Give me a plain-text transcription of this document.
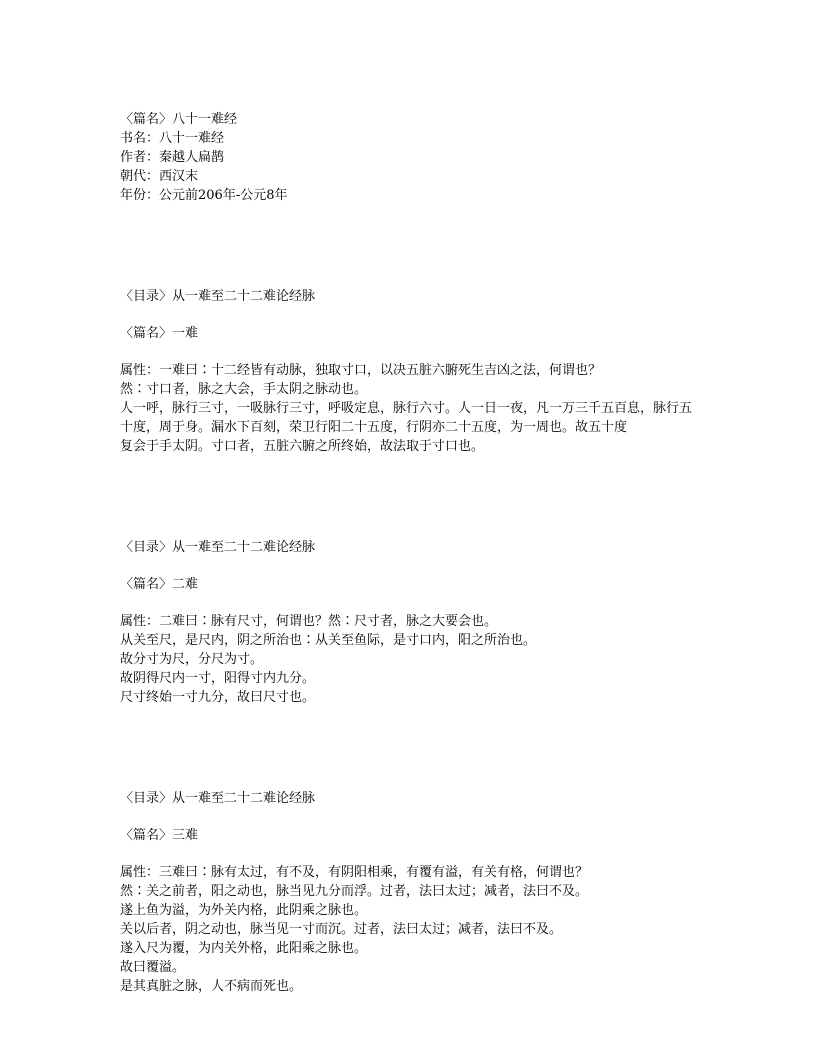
〈篇名〉八十一难经
书名：八十一难经
作者：秦越人扁鹊
朝代：西汉末
年份：公元前206年-公元8年
〈目录〉从一难至二十二难论经脉
〈篇名〉一难
属性：一难曰∶十二经皆有动脉，独取寸口，以决五脏六腑死生吉凶之法，何谓也？
然∶寸口者，脉之大会，手太阴之脉动也。
人一呼，脉行三寸，一吸脉行三寸，呼吸定息，脉行六寸。人一日一夜，凡一万三千五百息，脉行五十度，周于身。漏水下百刻，荣卫行阳二十五度，行阴亦二十五度，为一周也。故五十度
复会于手太阴。寸口者，五脏六腑之所终始，故法取于寸口也。
〈目录〉从一难至二十二难论经脉
〈篇名〉二难
属性：二难曰∶脉有尺寸，何谓也？然∶尺寸者，脉之大要会也。
从关至尺，是尺内，阴之所治也∶从关至鱼际，是寸口内，阳之所治也。
故分寸为尺，分尺为寸。
故阴得尺内一寸，阳得寸内九分。
尺寸终始一寸九分，故曰尺寸也。
〈目录〉从一难至二十二难论经脉
〈篇名〉三难
属性：三难曰∶脉有太过，有不及，有阴阳相乘，有覆有溢，有关有格，何谓也？
然∶关之前者，阳之动也，脉当见九分而浮。过者，法曰太过；减者，法曰不及。
遂上鱼为溢，为外关内格，此阴乘之脉也。
关以后者，阴之动也，脉当见一寸而沉。过者，法曰太过；减者，法曰不及。
遂入尺为覆，为内关外格，此阳乘之脉也。
故曰覆溢。
是其真脏之脉，人不病而死也。
